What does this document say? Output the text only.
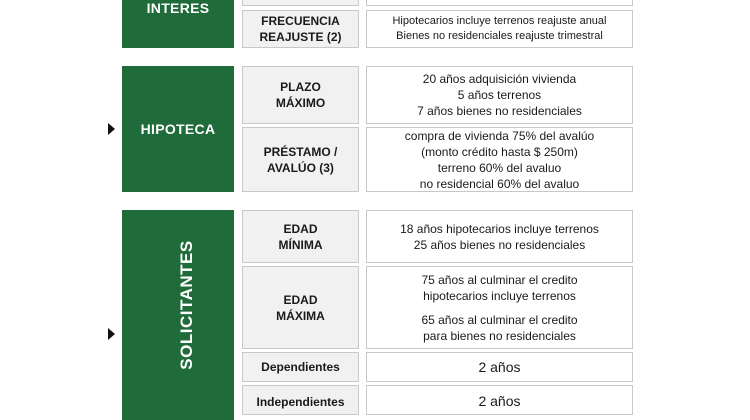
INTERES
FRECUENCIA
REAJUSTE (2)
Hipotecarios incluye terrenos reajuste anual
Bienes no residenciales reajuste trimestral
HIPOTECA
PLAZO
MÁXIMO
20 años adquisición vivienda
5 años terrenos
7 años bienes no residenciales
PRÉSTAMO /
AVALÚO (3)
compra de vivienda 75% del avalúo
(monto crédito hasta $ 250m)
terreno 60% del avaluo
no residencial 60% del avaluo
SOLICITANTES
EDAD
MÍNIMA
18 años hipotecarios incluye terrenos
25 años bienes no residenciales
EDAD
MÁXIMA
75 años al culminar el credito
hipotecarios incluye terrenos
65 años al culminar el credito
para bienes no residenciales
Dependientes	2 años
Independientes	2 años
